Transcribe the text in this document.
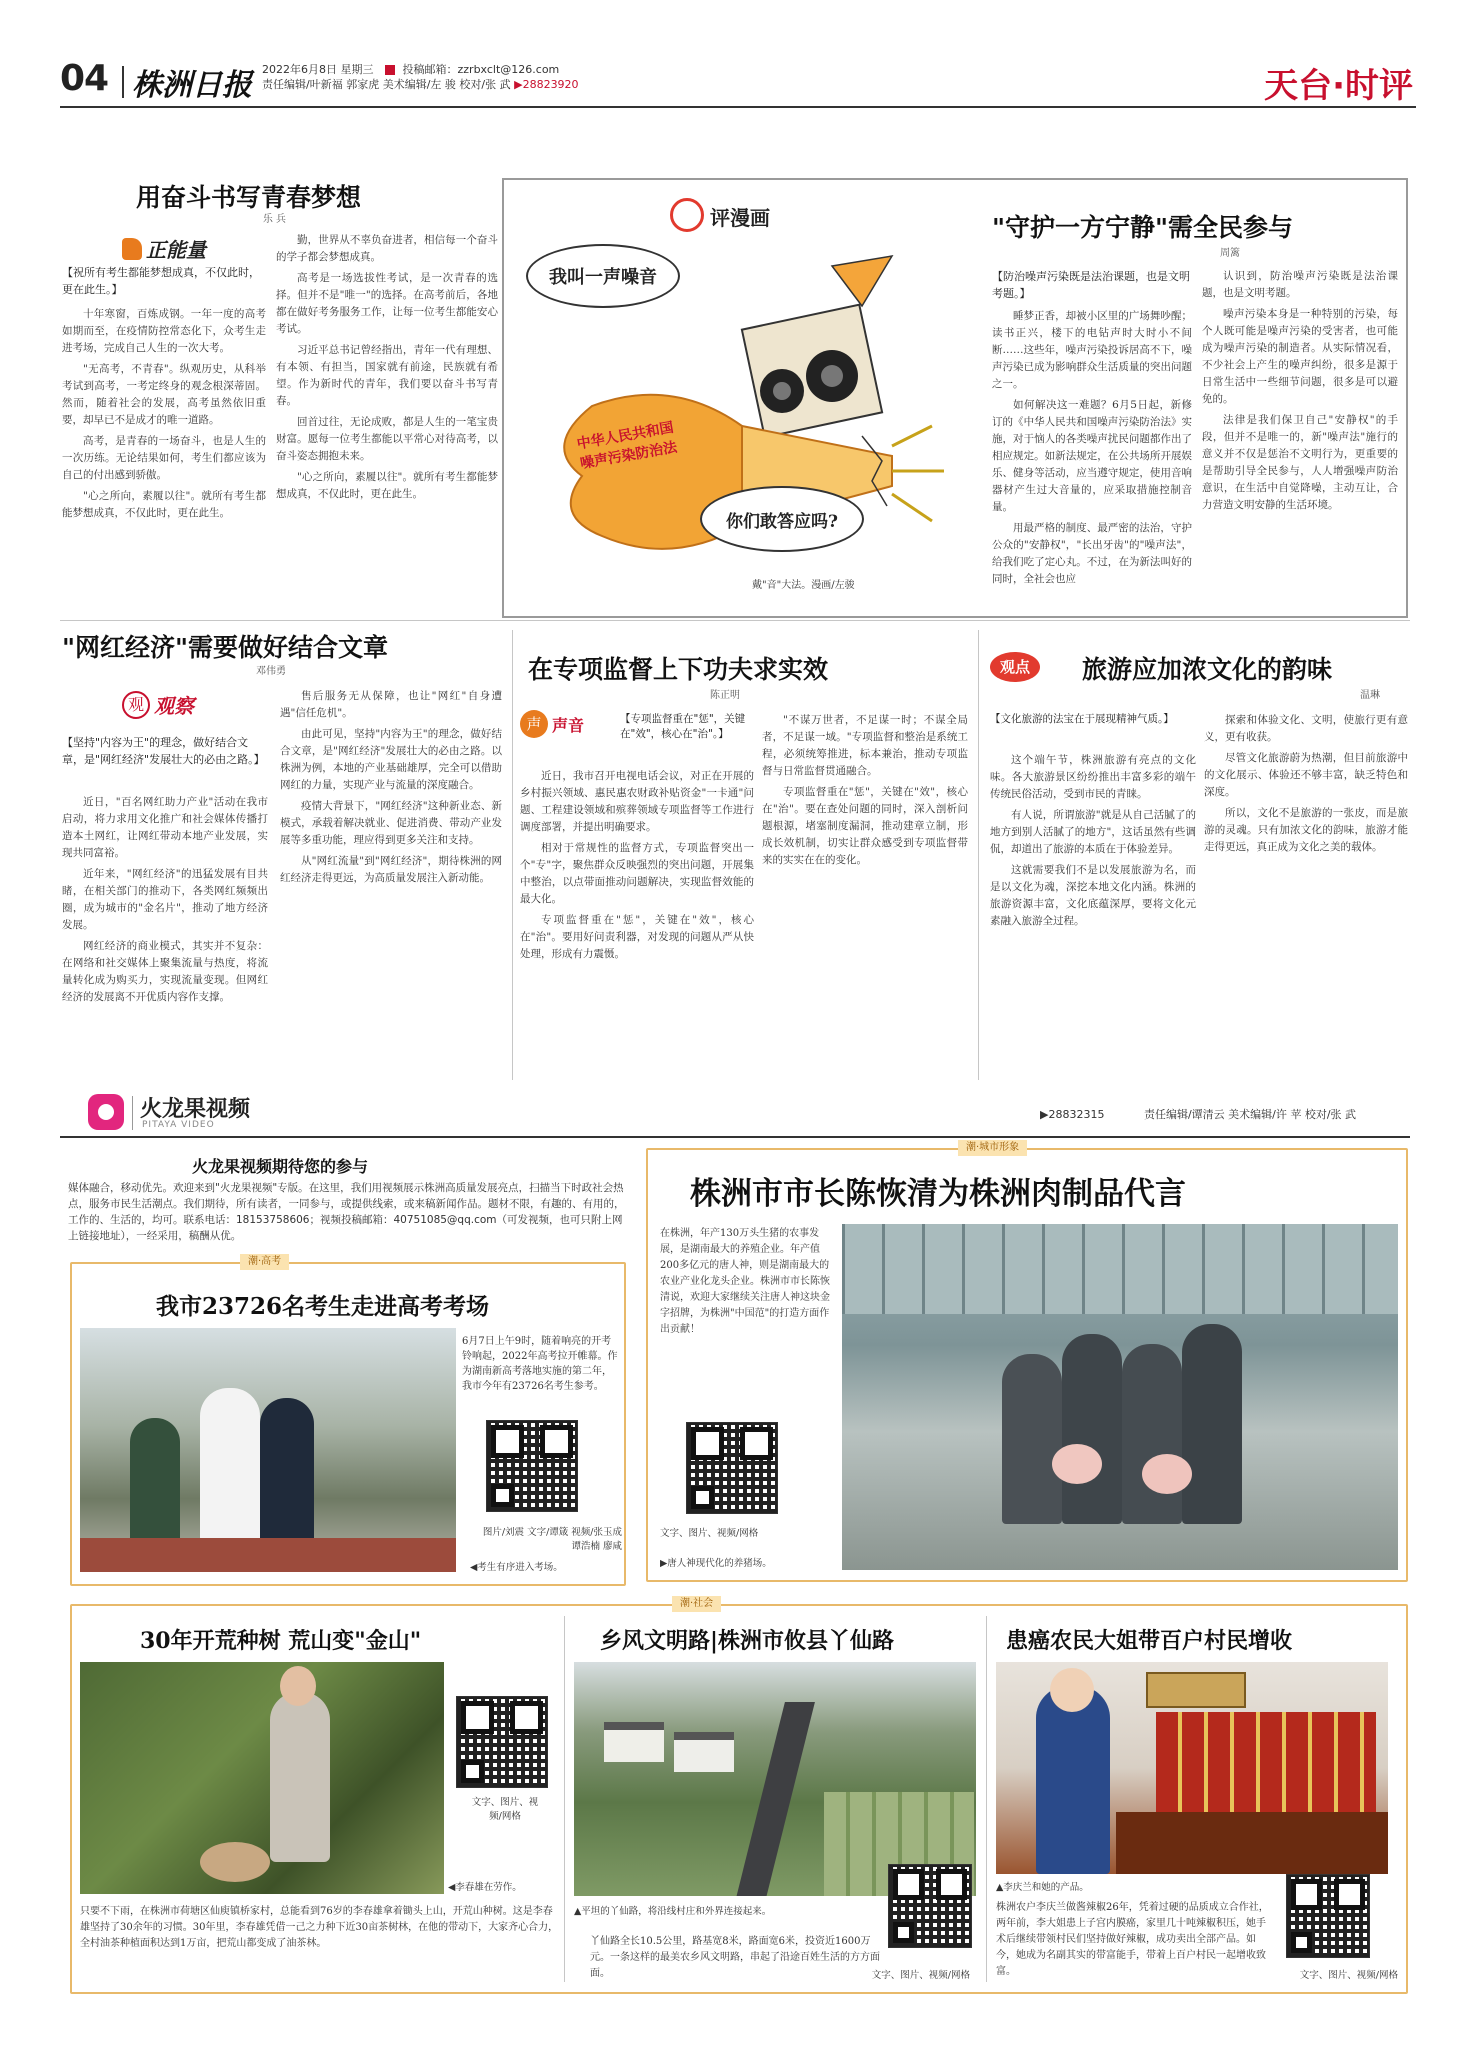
04 株洲日报 2022年6月8日 星期三	投稿邮箱：zzrbxclt@126.com
责任编辑/叶新福 郭家虎 美术编辑/左 骏 校对/张 武 ▶28823920	天台·时评
用奋斗书写青春梦想
乐 兵
正能量
【祝所有考生都能梦想成真，不仅此时，更在此生。】

十年寒窗，百炼成钢。一年一度的高考如期而至，在疫情防控常态化下，众考生走进考场，完成自己人生的一次大考。

"无高考，不青春"。纵观历史，从科举考试到高考，一考定终身的观念根深蒂固。然而，随着社会的发展，高考虽然依旧重要，却早已不是成才的唯一道路。

高考，是青春的一场奋斗，也是人生的一次历练。无论结果如何，考生们都应该为自己的付出感到骄傲。

"心之所向，素履以往"。就所有考生都能梦想成真，不仅此时，更在此生。

勤，世界从不辜负奋进者，相信每一个奋斗的学子都会梦想成真。

高考是一场选拔性考试，是一次青春的选择。但并不是"唯一"的选择。在高考前后，各地都在做好考务服务工作，让每一位考生都能安心考试。

习近平总书记曾经指出，青年一代有理想、有本领、有担当，国家就有前途，民族就有希望。作为新时代的青年，我们要以奋斗书写青春。

回首过往，无论成败，都是人生的一笔宝贵财富。愿每一位考生都能以平常心对待高考，以奋斗姿态拥抱未来。

"心之所向，素履以往"。就所有考生都能梦想成真，不仅此时，更在此生。

评漫画
我叫一声噪音
中华人民共和国噪声污染防治法
你们敢答应吗?
戴"音"大法。漫画/左骏
"守护一方宁静"需全民参与
周篱
【防治噪声污染既是法治课题，也是文明考题。】

睡梦正香，却被小区里的广场舞吵醒；读书正兴，楼下的电钻声时大时小不间断……这些年，噪声污染投诉居高不下，噪声污染已成为影响群众生活质量的突出问题之一。

如何解决这一难题？6月5日起，新修订的《中华人民共和国噪声污染防治法》实施，对于恼人的各类噪声扰民问题都作出了相应规定。如新法规定，在公共场所开展娱乐、健身等活动，应当遵守规定，使用音响器材产生过大音量的，应采取措施控制音量。

用最严格的制度、最严密的法治，守护公众的"安静权"，"长出牙齿"的"噪声法"，给我们吃了定心丸。不过，在为新法叫好的同时，全社会也应

认识到，防治噪声污染既是法治课题，也是文明考题。

噪声污染本身是一种特别的污染，每个人既可能是噪声污染的受害者，也可能成为噪声污染的制造者。从实际情况看，不少社会上产生的噪声纠纷，很多是源于日常生活中一些细节问题，很多是可以避免的。

法律是我们保卫自己"安静权"的手段，但并不是唯一的，新"噪声法"施行的意义并不仅是惩治不文明行为，更重要的是帮助引导全民参与，人人增强噪声防治意识，在生活中自觉降噪，主动互让，合力营造文明安静的生活环境。

"网红经济"需要做好结合文章
邓伟勇
观 观察
【坚持"内容为王"的理念，做好结合文章，是"网红经济"发展壮大的必由之路。】

近日，"百名网红助力产业"活动在我市启动，将力求用文化推广和社会媒体传播打造本土网红，让网红带动本地产业发展，实现共同富裕。

近年来，"网红经济"的迅猛发展有目共睹，在相关部门的推动下，各类网红频频出圈，成为城市的"金名片"，推动了地方经济发展。

网红经济的商业模式，其实并不复杂：在网络和社交媒体上聚集流量与热度，将流量转化成为购买力，实现流量变现。但网红经济的发展离不开优质内容作支撑。

售后服务无从保障，也让"网红"自身遭遇"信任危机"。

由此可见，坚持"内容为王"的理念，做好结合文章，是"网红经济"发展壮大的必由之路。以株洲为例，本地的产业基础雄厚，完全可以借助网红的力量，实现产业与流量的深度融合。

疫情大背景下，"网红经济"这种新业态、新模式，承载着解决就业、促进消费、带动产业发展等多重功能，理应得到更多关注和支持。

从"网红流量"到"网红经济"，期待株洲的网红经济走得更远，为高质量发展注入新动能。

在专项监督上下功夫求实效
陈正明
声 声音	【专项监督重在"惩"，关键在"效"，核心在"治"。】

近日，我市召开电视电话会议，对正在开展的乡村振兴领域、惠民惠农财政补贴资金"一卡通"问题、工程建设领域和殡葬领域专项监督等工作进行调度部署，并提出明确要求。

相对于常规性的监督方式，专项监督突出一个"专"字，聚焦群众反映强烈的突出问题，开展集中整治，以点带面推动问题解决，实现监督效能的最大化。

专项监督重在"惩"，关键在"效"，核心在"治"。要用好问责利器，对发现的问题从严从快处理，形成有力震慑。

"不谋万世者，不足谋一时；不谋全局者，不足谋一域。"专项监督和整治是系统工程，必须统筹推进，标本兼治，推动专项监督与日常监督贯通融合。

专项监督重在"惩"，关键在"效"，核心在"治"。要在查处问题的同时，深入剖析问题根源，堵塞制度漏洞，推动建章立制，形成长效机制，切实让群众感受到专项监督带来的实实在在的变化。

观点	旅游应加浓文化的韵味
温琳
【文化旅游的法宝在于展现精神气质。】

这个端午节，株洲旅游有亮点的文化味。各大旅游景区纷纷推出丰富多彩的端午传统民俗活动，受到市民的青睐。

有人说，所谓旅游"就是从自己活腻了的地方到别人活腻了的地方"，这话虽然有些调侃，却道出了旅游的本质在于体验差异。

这就需要我们不是以发展旅游为名，而是以文化为魂，深挖本地文化内涵。株洲的旅游资源丰富，文化底蕴深厚，要将文化元素融入旅游全过程。

探索和体验文化、文明，使旅行更有意义，更有收获。

尽管文化旅游蔚为热潮，但目前旅游中的文化展示、体验还不够丰富，缺乏特色和深度。

所以，文化不是旅游的一张皮，而是旅游的灵魂。只有加浓文化的韵味，旅游才能走得更远，真正成为文化之美的载体。

火龙果视频
PITAYA VIDEO
▶28832315	责任编辑/谭清云 美术编辑/许 苹 校对/张 武
火龙果视频期待您的参与
媒体融合，移动优先。欢迎来到"火龙果视频"专版。在这里，我们用视频展示株洲高质量发展亮点，扫描当下时政社会热点，服务市民生活潮点。我们期待，所有读者，一同参与，或提供线索，或来稿新闻作品。题材不限，有趣的、有用的，工作的、生活的，均可。联系电话：18153758606；视频投稿邮箱：40751085@qq.com（可发视频，也可只附上网上链接地址），一经采用，稿酬从优。
潮·高考
我市23726名考生走进高考考场
6月7日上午9时，随着响亮的开考铃响起，2022年高考拉开帷幕。作为湖南新高考落地实施的第二年，我市今年有23726名考生参考。
图片/刘震 文字/谭箴 视频/张玉成 谭浩楠 廖咸
◀考生有序进入考场。
潮·城市形象
株洲市市长陈恢清为株洲肉制品代言
在株洲，年产130万头生猪的农事发展，是湖南最大的养殖企业。年产值200多亿元的唐人神，则是湖南最大的农业产业化龙头企业。株洲市市长陈恢清说，欢迎大家继续关注唐人神这块金字招牌，为株洲"中国范"的打造方面作出贡献！
文字、图片、视频/网格
▶唐人神现代化的养猪场。
潮·社会
30年开荒种树 荒山变"金山"
文字、图片、视频/网格
◀李春雄在劳作。
只要不下雨，在株洲市荷塘区仙庾镇桥家村，总能看到76岁的李春雄拿着锄头上山，开荒山种树。这是李春雄坚持了30余年的习惯。30年里，李春雄凭借一己之力种下近30亩茶树林，在他的带动下，大家齐心合力，全村油茶种植面积达到1万亩，把荒山都变成了油茶林。
乡风文明路|株洲市攸县丫仙路
▲平坦的丫仙路，将沿线村庄和外界连接起来。
丫仙路全长10.5公里，路基宽8米，路面宽6米，投资近1600万元。一条这样的最美农乡风文明路，串起了沿途百姓生活的方方面面。	文字、图片、视频/网格
患癌农民大姐带百户村民增收
▲李庆兰和她的产品。
株洲农户李庆兰做酱辣椒26年，凭着过硬的品质成立合作社，两年前，李大姐患上子宫内膜癌，家里几十吨辣椒积压，她手术后继续带领村民们坚持做好辣椒，成功卖出全部产品。如今，她成为名副其实的带富能手，带着上百户村民一起增收致富。	文字、图片、视频/网格
